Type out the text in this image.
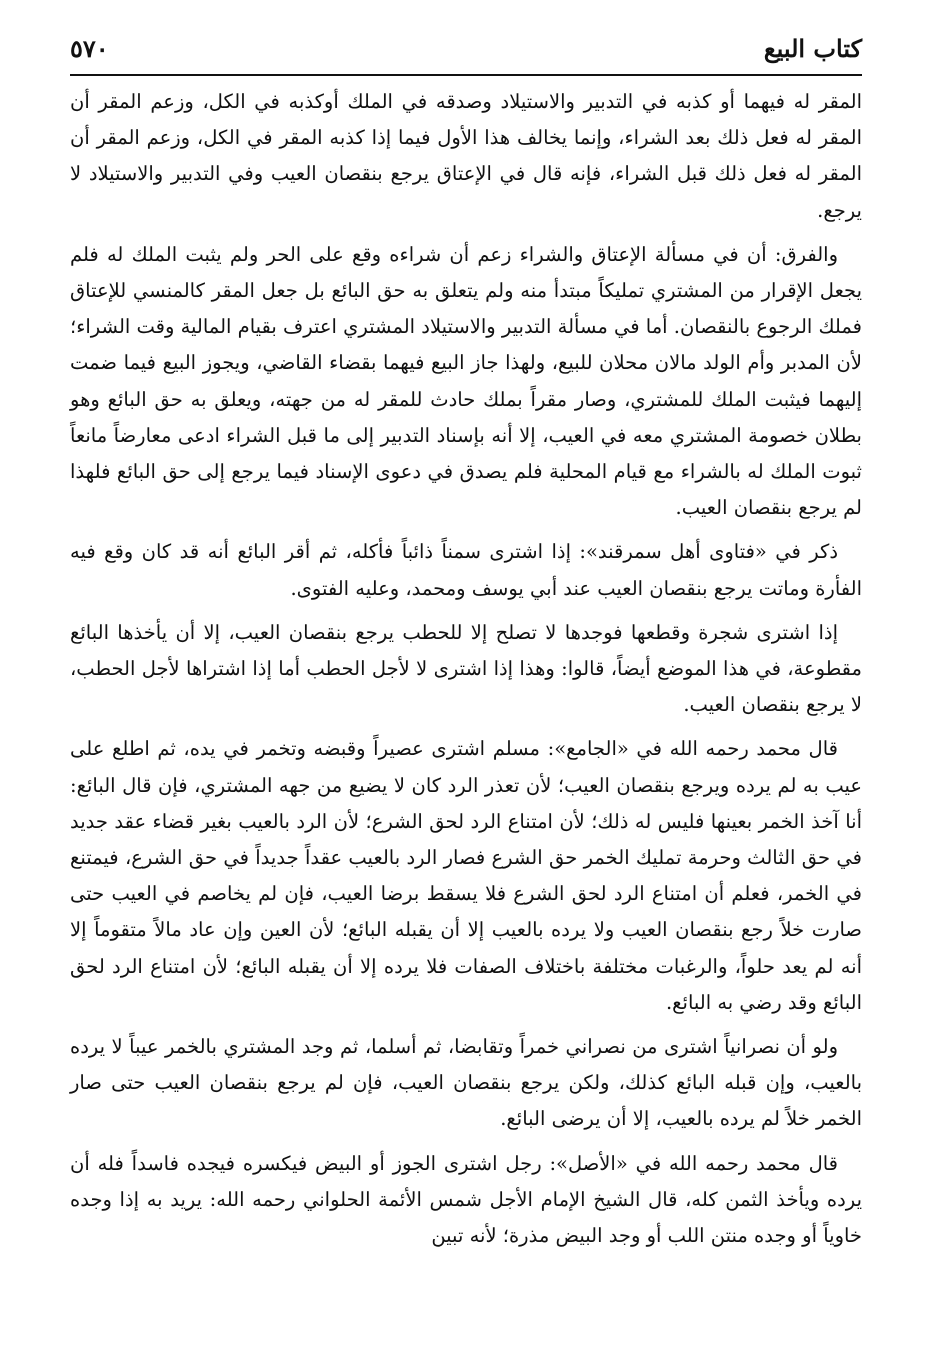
كتاب البيع
٥٧٠

المقر له فيهما أو كذبه في التدبير والاستيلاد وصدقه في الملك أوكذبه في الكل، وزعم المقر أن المقر له فعل ذلك بعد الشراء، وإنما يخالف هذا الأول فيما إذا كذبه المقر في الكل، وزعم المقر أن المقر له فعل ذلك قبل الشراء، فإنه قال في الإعتاق يرجع بنقصان العيب وفي التدبير والاستيلاد لا يرجع.

والفرق: أن في مسألة الإعتاق والشراء زعم أن شراءه وقع على الحر ولم يثبت الملك له فلم يجعل الإقرار من المشتري تمليكاً مبتدأ منه ولم يتعلق به حق البائع بل جعل المقر كالمنسي للإعتاق فملك الرجوع بالنقصان. أما في مسألة التدبير والاستيلاد المشتري اعترف بقيام المالية وقت الشراء؛ لأن المدبر وأم الولد مالان محلان للبيع، ولهذا جاز البيع فيهما بقضاء القاضي، ويجوز البيع فيما ضمت إليهما فيثبت الملك للمشتري، وصار مقراً بملك حادث للمقر له من جهته، ويعلق به حق البائع وهو بطلان خصومة المشتري معه في العيب، إلا أنه بإسناد التدبير إلى ما قبل الشراء ادعى معارضاً مانعاً ثبوت الملك له بالشراء مع قيام المحلية فلم يصدق في دعوى الإسناد فيما يرجع إلى حق البائع فلهذا لم يرجع بنقصان العيب.

ذكر في «فتاوى أهل سمرقند»: إذا اشترى سمناً ذائباً فأكله، ثم أقر البائع أنه قد كان وقع فيه الفأرة وماتت يرجع بنقصان العيب عند أبي يوسف ومحمد، وعليه الفتوى.

إذا اشترى شجرة وقطعها فوجدها لا تصلح إلا للحطب يرجع بنقصان العيب، إلا أن يأخذها البائع مقطوعة، في هذا الموضع أيضاً، قالوا: وهذا إذا اشترى لا لأجل الحطب أما إذا اشتراها لأجل الحطب، لا يرجع بنقصان العيب.

قال محمد رحمه الله في «الجامع»: مسلم اشترى عصيراً وقبضه وتخمر في يده، ثم اطلع على عيب به لم يرده ويرجع بنقصان العيب؛ لأن تعذر الرد كان لا يضيع من جهه المشتري، فإن قال البائع: أنا آخذ الخمر بعينها فليس له ذلك؛ لأن امتناع الرد لحق الشرع؛ لأن الرد بالعيب بغير قضاء عقد جديد في حق الثالث وحرمة تمليك الخمر حق الشرع فصار الرد بالعيب عقداً جديداً في حق الشرع، فيمتنع في الخمر، فعلم أن امتناع الرد لحق الشرع فلا يسقط برضا العيب، فإن لم يخاصم في العيب حتى صارت خلاً رجع بنقصان العيب ولا يرده بالعيب إلا أن يقبله البائع؛ لأن العين وإن عاد مالاً متقوماً إلا أنه لم يعد حلواً، والرغبات مختلفة باختلاف الصفات فلا يرده إلا أن يقبله البائع؛ لأن امتناع الرد لحق البائع وقد رضي به البائع.

ولو أن نصرانياً اشترى من نصراني خمراً وتقابضا، ثم أسلما، ثم وجد المشتري بالخمر عيباً لا يرده بالعيب، وإن قبله البائع كذلك، ولكن يرجع بنقصان العيب، فإن لم يرجع بنقصان العيب حتى صار الخمر خلاً لم يرده بالعيب، إلا أن يرضى البائع.

قال محمد رحمه الله في «الأصل»: رجل اشترى الجوز أو البيض فيكسره فيجده فاسداً فله أن يرده ويأخذ الثمن كله، قال الشيخ الإمام الأجل شمس الأئمة الحلواني رحمه الله: يريد به إذا وجده خاوياً أو وجده منتن اللب أو وجد البيض مذرة؛ لأنه تبين
